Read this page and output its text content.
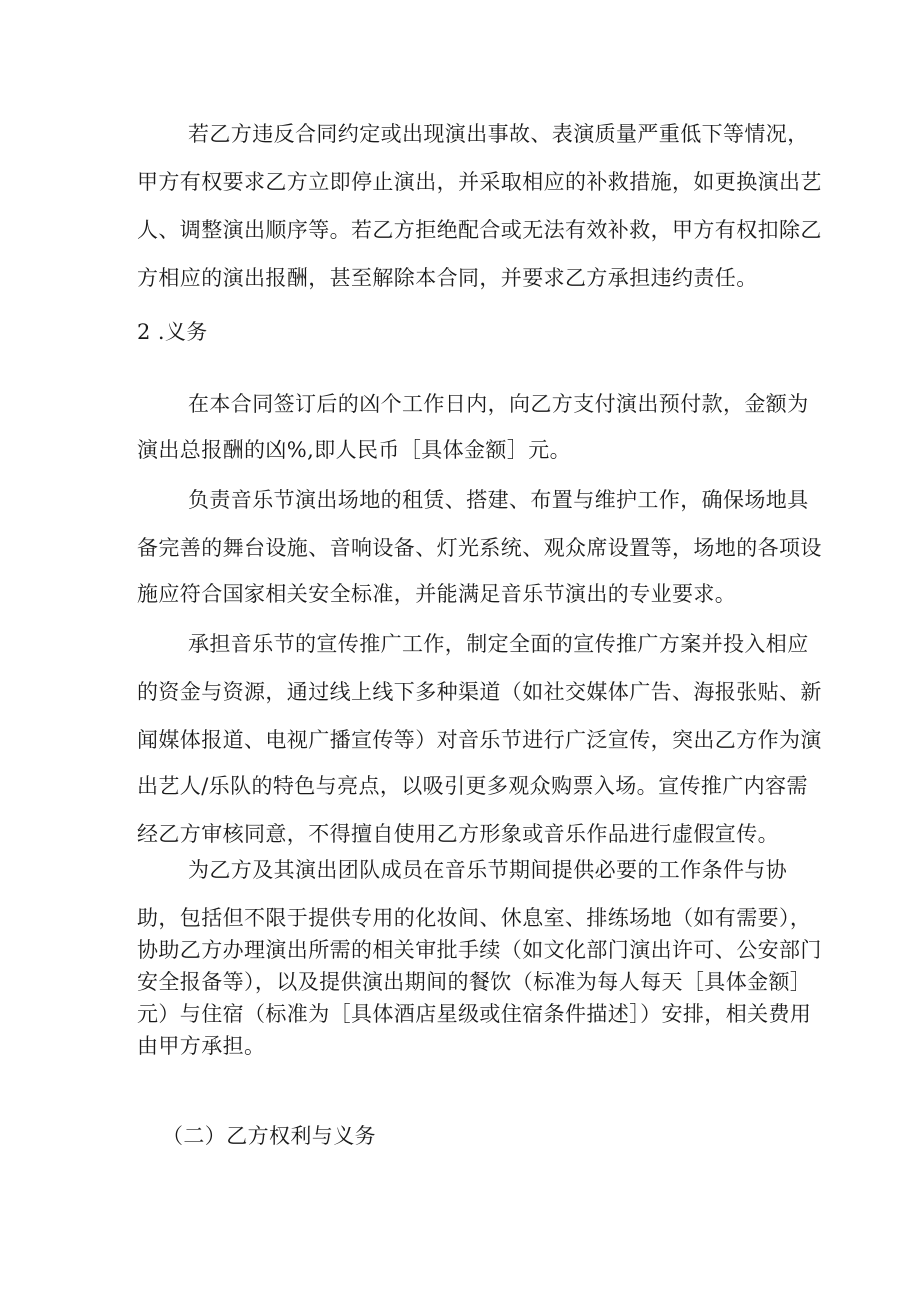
若乙方违反合同约定或出现演出事故、表演质量严重低下等情况，
甲方有权要求乙方立即停止演出，并采取相应的补救措施，如更换演出艺
人、调整演出顺序等。若乙方拒绝配合或无法有效补救，甲方有权扣除乙
方相应的演出报酬，甚至解除本合同，并要求乙方承担违约责任。
2 .义务
在本合同签订后的凶个工作日内，向乙方支付演出预付款，金额为
演出总报酬的凶%,即人民币［具体金额］元。
负责音乐节演出场地的租赁、搭建、布置与维护工作，确保场地具
备完善的舞台设施、音响设备、灯光系统、观众席设置等，场地的各项设
施应符合国家相关安全标准，并能满足音乐节演出的专业要求。
承担音乐节的宣传推广工作，制定全面的宣传推广方案并投入相应
的资金与资源，通过线上线下多种渠道（如社交媒体广告、海报张贴、新
闻媒体报道、电视广播宣传等）对音乐节进行广泛宣传，突出乙方作为演
出艺人/乐队的特色与亮点，以吸引更多观众购票入场。宣传推广内容需
经乙方审核同意，不得擅自使用乙方形象或音乐作品进行虚假宣传。
为乙方及其演出团队成员在音乐节期间提供必要的工作条件与协
助，包括但不限于提供专用的化妆间、休息室、排练场地（如有需要），
协助乙方办理演出所需的相关审批手续（如文化部门演出许可、公安部门
安全报备等），以及提供演出期间的餐饮（标准为每人每天［具体金额］
元）与住宿（标准为［具体酒店星级或住宿条件描述］）安排，相关费用
由甲方承担。
（二）乙方权利与义务
